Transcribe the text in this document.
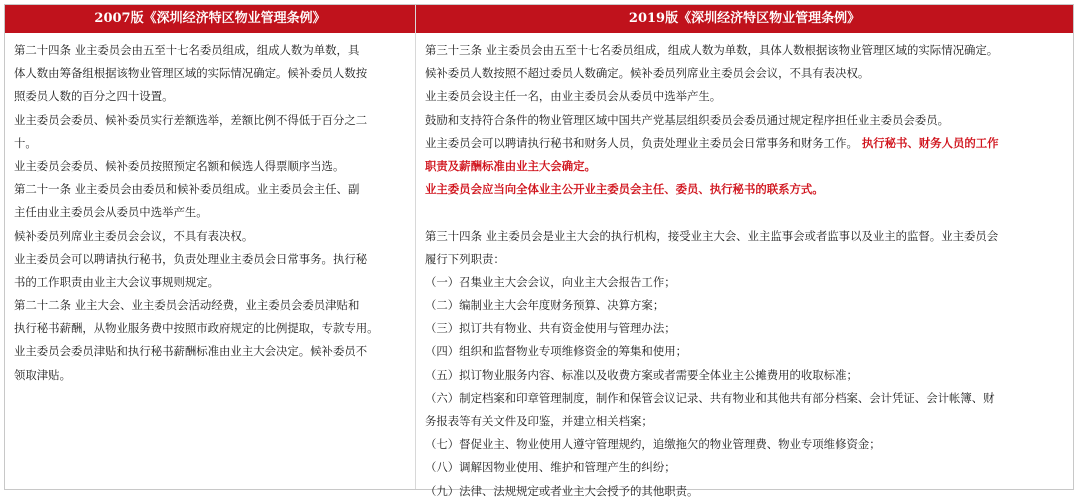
2007版《深圳经济特区物业管理条例》	2019版《深圳经济特区物业管理条例》
第二十四条 业主委员会由五至十七名委员组成，组成人数为单数，具
体人数由筹备组根据该物业管理区域的实际情况确定。候补委员人数按
照委员人数的百分之四十设置。
业主委员会委员、候补委员实行差额选举，差额比例不得低于百分之二
十。
业主委员会委员、候补委员按照预定名额和候选人得票顺序当选。
第二十一条 业主委员会由委员和候补委员组成。业主委员会主任、副
主任由业主委员会从委员中选举产生。
候补委员列席业主委员会会议，不具有表决权。
业主委员会可以聘请执行秘书，负责处理业主委员会日常事务。执行秘
书的工作职责由业主大会议事规则规定。
第二十二条 业主大会、业主委员会活动经费，业主委员会委员津贴和
执行秘书薪酬，从物业服务费中按照市政府规定的比例提取，专款专用。
业主委员会委员津贴和执行秘书薪酬标准由业主大会决定。候补委员不
领取津贴。
第三十三条 业主委员会由五至十七名委员组成，组成人数为单数，具体人数根据该物业管理区域的实际情况确定。
候补委员人数按照不超过委员人数确定。候补委员列席业主委员会会议，不具有表决权。
业主委员会设主任一名，由业主委员会从委员中选举产生。
鼓励和支持符合条件的物业管理区域中国共产党基层组织委员会委员通过规定程序担任业主委员会委员。
业主委员会可以聘请执行秘书和财务人员，负责处理业主委员会日常事务和财务工作。 执行秘书、财务人员的工作
职责及薪酬标准由业主大会确定。
业主委员会应当向全体业主公开业主委员会主任、委员、执行秘书的联系方式。
第三十四条 业主委员会是业主大会的执行机构，接受业主大会、业主监事会或者监事以及业主的监督。业主委员会
履行下列职责：
（一）召集业主大会会议，向业主大会报告工作；
（二）编制业主大会年度财务预算、决算方案；
（三）拟订共有物业、共有资金使用与管理办法；
（四）组织和监督物业专项维修资金的筹集和使用；
（五）拟订物业服务内容、标准以及收费方案或者需要全体业主公摊费用的收取标准；
（六）制定档案和印章管理制度，制作和保管会议记录、共有物业和其他共有部分档案、会计凭证、会计帐簿、财
务报表等有关文件及印鉴，并建立相关档案；
（七）督促业主、物业使用人遵守管理规约，追缴拖欠的物业管理费、物业专项维修资金；
（八）调解因物业使用、维护和管理产生的纠纷；
（九）法律、法规规定或者业主大会授予的其他职责。
